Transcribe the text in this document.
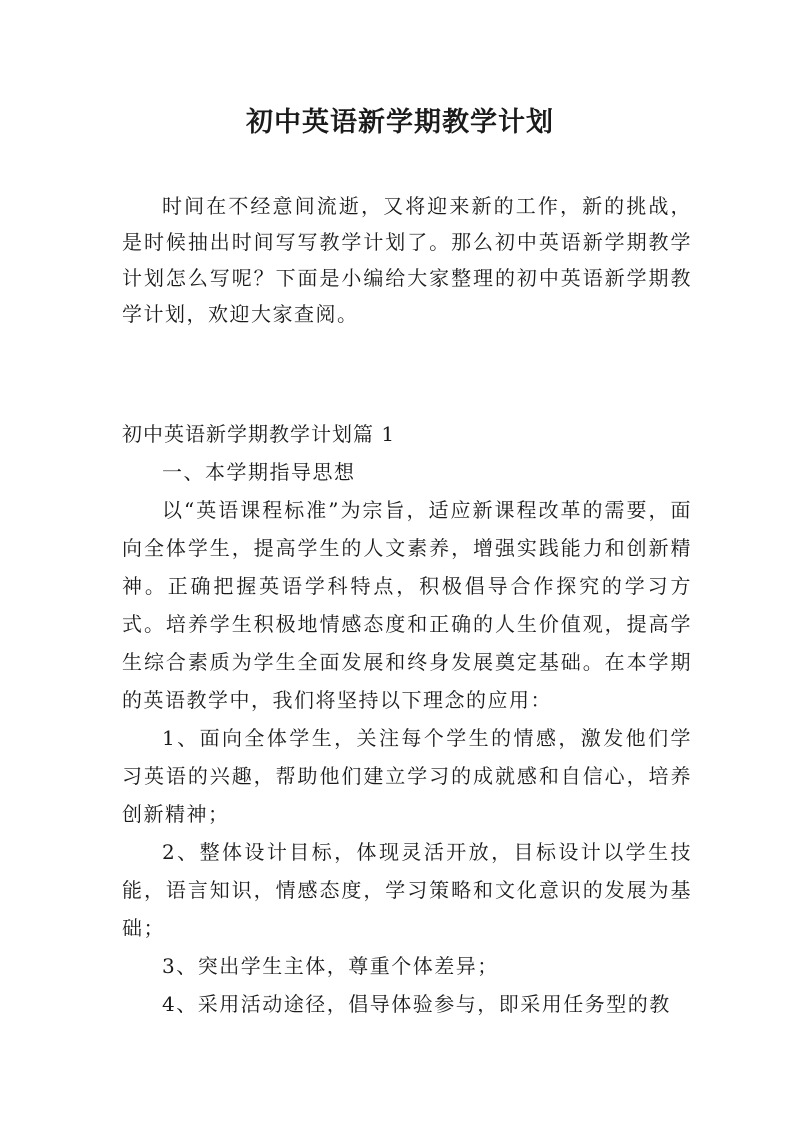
初中英语新学期教学计划

时间在不经意间流逝，又将迎来新的工作，新的挑战，是时候抽出时间写写教学计划了。那么初中英语新学期教学计划怎么写呢？下面是小编给大家整理的初中英语新学期教学计划，欢迎大家查阅。

初中英语新学期教学计划篇 1

一、本学期指导思想

以“英语课程标准”为宗旨，适应新课程改革的需要，面向全体学生，提高学生的人文素养，增强实践能力和创新精神。正确把握英语学科特点，积极倡导合作探究的学习方式。培养学生积极地情感态度和正确的人生价值观，提高学生综合素质为学生全面发展和终身发展奠定基础。在本学期的英语教学中，我们将坚持以下理念的应用：

1、面向全体学生，关注每个学生的情感，激发他们学习英语的兴趣，帮助他们建立学习的成就感和自信心，培养创新精神；

2、整体设计目标，体现灵活开放，目标设计以学生技能，语言知识，情感态度，学习策略和文化意识的发展为基础；

3、突出学生主体，尊重个体差异；

4、采用活动途径，倡导体验参与，即采用任务型的教
